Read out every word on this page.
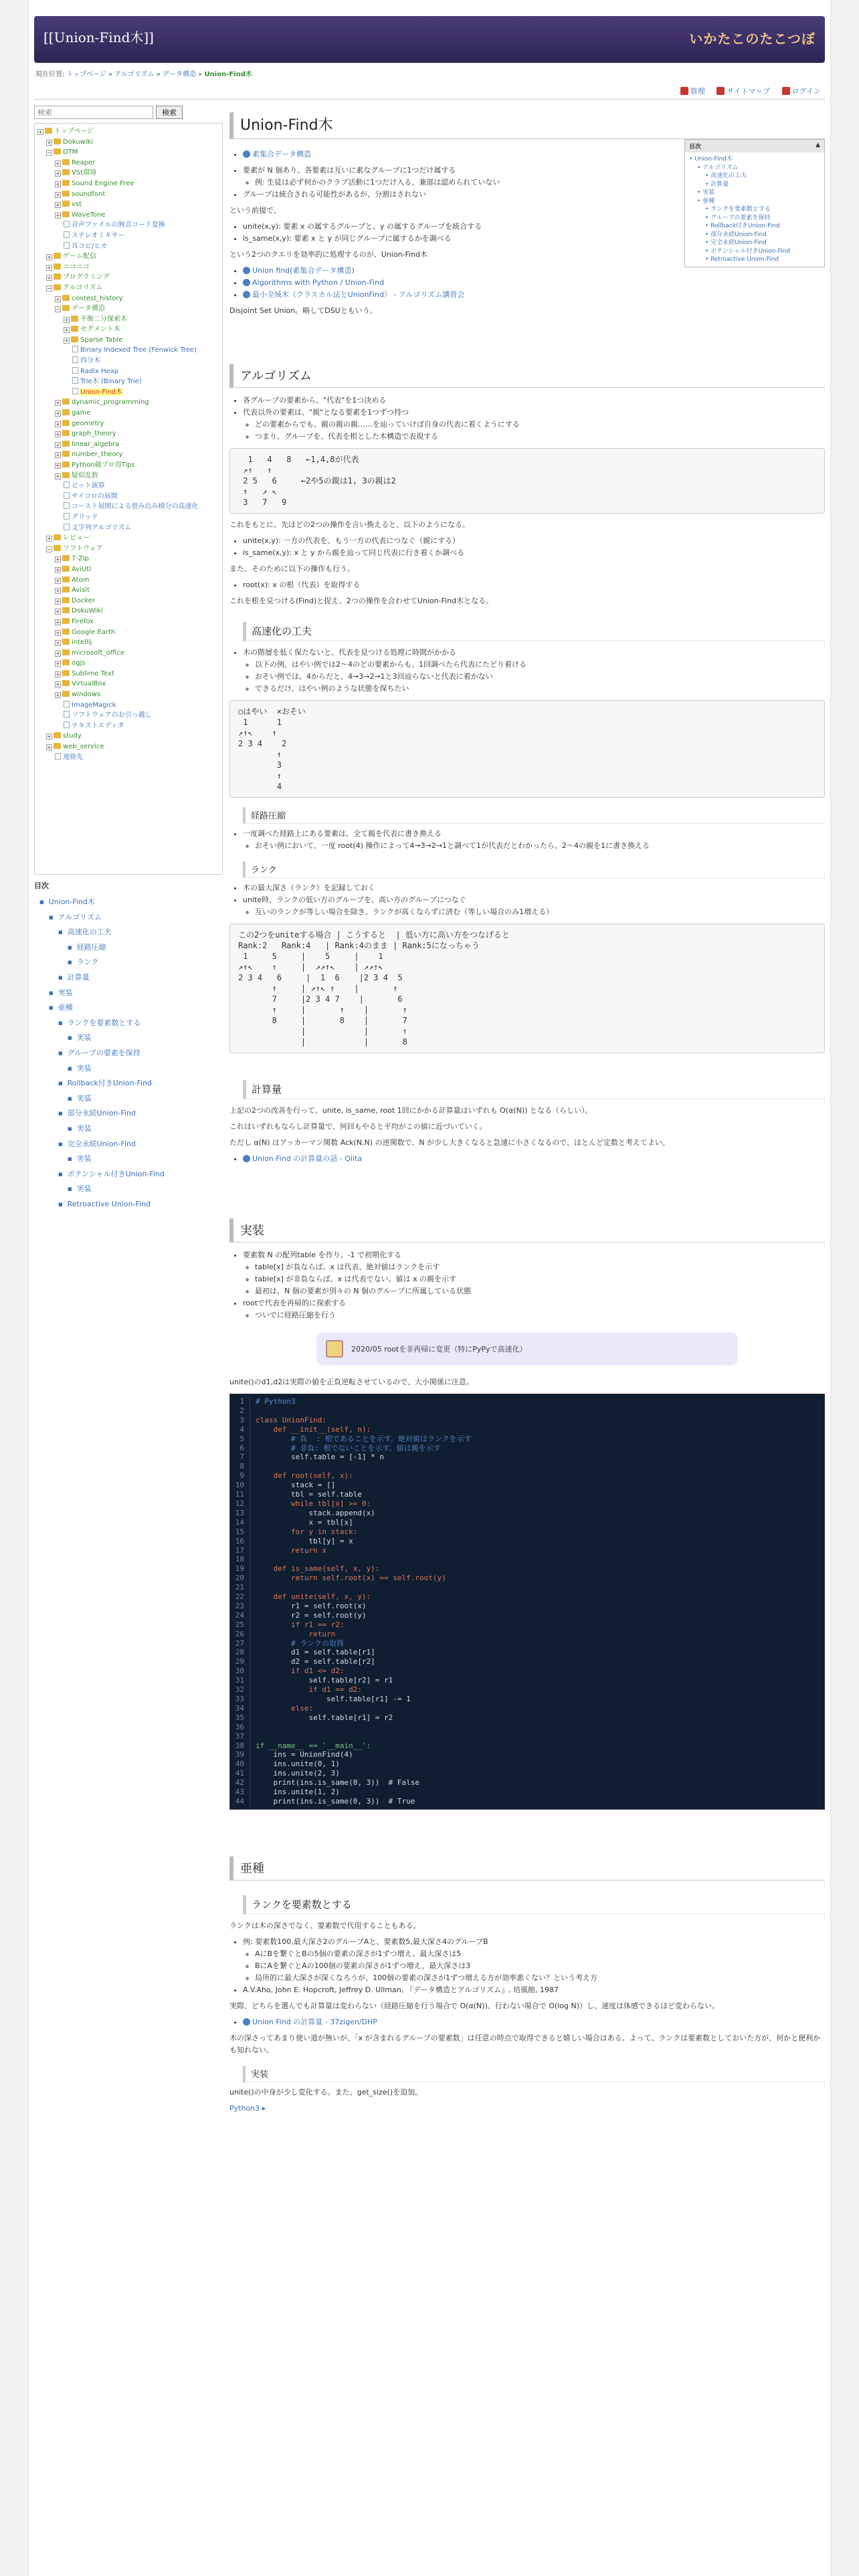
[[Union-Find木]]	いかたこのたこつぼ
現在位置: トップページ » アルゴリズム » データ構造 » Union-Find木
管理	サイトマップ	ログイン
検索
検索
+ トップページ
+ Dokuwiki
− DTM
+ Reaper
+ VSt環境
+ Sound Engine Free
+ soundfont
+ vst
+ WaveTone
音声ファイルの無音コード変換
ステレオミキサー
耳コピ/ヒカ
+ ゲーム配信
+ ニコニコ
+ プログラミング
− アルゴリズム
+ contest_history
− データ構造
+ 平衡二分探索木
+ セグメント木
+ Sparse Table
Binary Indexed Tree (Fenwick Tree)
四分木
Radix Heap
Trie木 (Binary Trie)
Union-Find木
+ dynamic_programming
+ game
+ geometry
+ graph_theory
+ linear_algebra
+ number_theory
+ Python競プロ用Tips
+ 疑似乱数
ビット演算
サイコロの展開
コースト展開による畳み込み積分の高速化
グリッド
文字列アルゴリズム
+ レビュー
− ソフトウェア
+ 7-Zip
+ AviUtl
+ Atom
+ Avisit
+ Docker
+ DokuWiki
+ Firefox
+ Google Earth
+ intellij
+ microsoft_office
+ ogjs
+ Sublime Text
+ VirtualBox
+ windows
ImageMagick
ソフトウェアのお引っ越し
テキストエディタ
+ study
+ web_service
連絡先
目次
■ Union-Find木
■ アルゴリズム
■ 高速化の工夫
■ 経路圧縮
■ ランク
■ 計算量
■ 実装
■ 亜種
■ ランクを要素数とする
■ 実装
■ グループの要素を保持
■ 実装
■ Rollback付きUnion-Find
■ 実装
■ 部分永続Union-Find
■ 実装
■ 完全永続Union-Find
■ 実装
■ ポテンシャル付きUnion-Find
■ 実装
■ Retroactive Union-Find
Union-Find木
目次	▲
• Union-Find木
• アルゴリズム
• 高速化の工夫
• 計算量
• 実装
• 亜種
• ランクを要素数とする
• グループの要素を保持
• Rollback付きUnion-Find
• 部分永続Union-Find
• 完全永続Union-Find
• ポテンシャル付きUnion-Find
• Retroactive Union-Find
• 素集合データ構造
• 要素が N 個あり、各要素は互いに素なグループに1つだけ属する
◦ 例: 生徒は必ず何かのクラブ活動に1つだけ入る、兼部は認められていない
• グループは統合される可能性があるが、分割はされない
という前提で、
• unite(x,y): 要素 x の属するグループと、y の属するグループを統合する
• is_same(x,y): 要素 x と y が同じグループに属するかを調べる
という2つのクエリを効率的に処理するのが、Union-Find木
• Union find(素集合データ構造)
• Algorithms with Python / Union-Find
• 最小全域木（クラスカル法とUnionFind） - アルゴリズム講習会
Disjoint Set Union。略してDSUともいう。
アルゴリズム
• 各グループの要素から、"代表"を1つ決める
• 代表以外の要素は、"親"となる要素を1つずつ持つ
◦ どの要素からでも、親の親の親……を辿っていけば自身の代表に着くようにする
◦ つまり、グループを、代表を根とした木構造で表現する
1   4   8   ←1,4,8が代表
↗↑   ↑
2 5   6     ←2や5の親は1, 3の親は2
↑   ↗ ↖
3   7   9
これをもとに、先ほどの2つの操作を言い換えると、以下のようになる。
• unite(x,y): 一方の代表を、もう一方の代表につなぐ（親にする）
• is_same(x,y): x と y から親を辿って同じ代表に行き着くか調べる
また、そのために以下の操作も行う。
• root(x): x の根（代表）を取得する
これを根を見つける(Find)と捉え、2つの操作を合わせてUnion-Find木となる。
高速化の工夫
• 木の階層を低く保たないと、代表を見つける処理に時間がかかる
◦ 以下の例、はやい例では2～4のどの要素からも、1回調べたら代表にたどり着ける
◦ おそい例では、4からだと、4→3→2→1と3回辿らないと代表に着かない
◦ できるだけ、はやい例のような状態を保ちたい
○はやい  ×おそい
1      1
↗↑↖    ↑
2 3 4    2
↑
3
↑
4
経路圧縮
• 一度調べた経路上にある要素は、全て親を代表に書き換える
◦ おそい例において、一度 root(4) 操作によって4→3→2→1と調べて1が代表だとわかったら、2～4の親を1に書き換える
ランク
• 木の最大深さ（ランク）を記録しておく
• unite時、ランクの低い方のグループを、高い方のグループにつなぐ
◦ 互いのランクが等しい場合を除き、ランクが高くならずに済む（等しい場合のみ1増える）
この2つをuniteする場合 | こうすると  | 低い方に高い方をつなげると
Rank:2   Rank:4   | Rank:4のまま | Rank:5になっちゃう
1     5     |    5     |    1
↗↑↖    ↑     |  ↗↗↑↖    | ↗↗↑↖
2 3 4   6     |  1  6    |2 3 4  5
↑     | ↗↑↖ ↑    |       ↑
7     |2 3 4 7    |       6
↑     |       ↑    |       ↑
8     |       8    |       7
|            |       ↑
|            |       8
計算量
上記の2つの改善を行って、unite, is_same, root 1回にかかる計算量はいずれも O(α(N)) となる（らしい）。
これはいずれもならし計算量で、何回もやると平均がこの値に近づいていく。
ただし α(N) はアッカーマン関数 Ack(N,N) の逆関数で、N が少し大きくなると急速に小さくなるので、ほとんど定数と考えてよい。
• Union Find の計算量の話 - Qiita
実装
• 要素数 N の配列table を作り、-1 で初期化する
◦ table[x] が負ならば、x は代表、絶対値はランクを示す
◦ table[x] が非負ならば、x は代表でない。値は x の親を示す
◦ 最初は、N 個の要素が別々の N 個のグループに所属している状態
• rootで代表を再帰的に探索する
◦ ついでに経路圧縮を行う
2020/05 rootを非再帰に変更（特にPyPyで高速化）
unite()のd1,d2は実際の値を正負逆転させているので、大小関係に注意。
1	# Python3
2
3	class UnionFind:
4	def __init__(self, n):
5	# 負  : 根であることを示す。絶対値はランクを示す
6	# 非負: 根でないことを示す。値は親を示す
7	self.table = [-1] * n
8
9	def root(self, x):
10	stack = []
11	tbl = self.table
12	while tbl[x] >= 0:
13	stack.append(x)
14	x = tbl[x]
15	for y in stack:
16	tbl[y] = x
17	return x
18
19	def is_same(self, x, y):
20	return self.root(x) == self.root(y)
21
22	def unite(self, x, y):
23	r1 = self.root(x)
24	r2 = self.root(y)
25	if r1 == r2:
26	return
27	# ランクの取得
28	d1 = self.table[r1]
29	d2 = self.table[r2]
30	if d1 <= d2:
31	self.table[r2] = r1
32	if d1 == d2:
33	self.table[r1] -= 1
34	else:
35	self.table[r1] = r2
36
37
38	if __name__ == '__main__':
39	ins = UnionFind(4)
40	ins.unite(0, 1)
41	ins.unite(2, 3)
42	print(ins.is_same(0, 3))  # False
43	ins.unite(1, 2)
44	print(ins.is_same(0, 3))  # True
亜種
ランクを要素数とする
ランクは木の深さでなく、要素数で代用することもある。
• 例: 要素数100,最大深さ2のグループAと、要素数5,最大深さ4のグループB
◦ AにBを繋ぐとBの5個の要素の深さが1ずつ増え、最大深さは5
◦ BにAを繋ぐとAの100個の要素の深さが1ずつ増え、最大深さは3
◦ 局所的に最大深さが深くなろうが、100個の要素の深さが1ずつ増える方が効率悪くない？という考え方
• A.V.Aho, John E. Hopcroft, Jeffrey D. Ullman, 『データ構造とアルゴリズム』, 培風館, 1987
実際、どちらを選んでも計算量は変わらない（経路圧縮を行う場合で O(α(N))、行わない場合で O(log N)）し、速度は体感できるほど変わらない。
• Union Find の計算量 - 37zigen/DHP
木の深さってあまり使い道が無いが、「x が含まれるグループの要素数」は任意の時点で取得できると嬉しい場合はある。よって、ランクは要素数としておいた方が、何かと便利かも知れない。
実装
unite()の中身が少し変化する。また、get_size()を追加。
Python3 ▸
